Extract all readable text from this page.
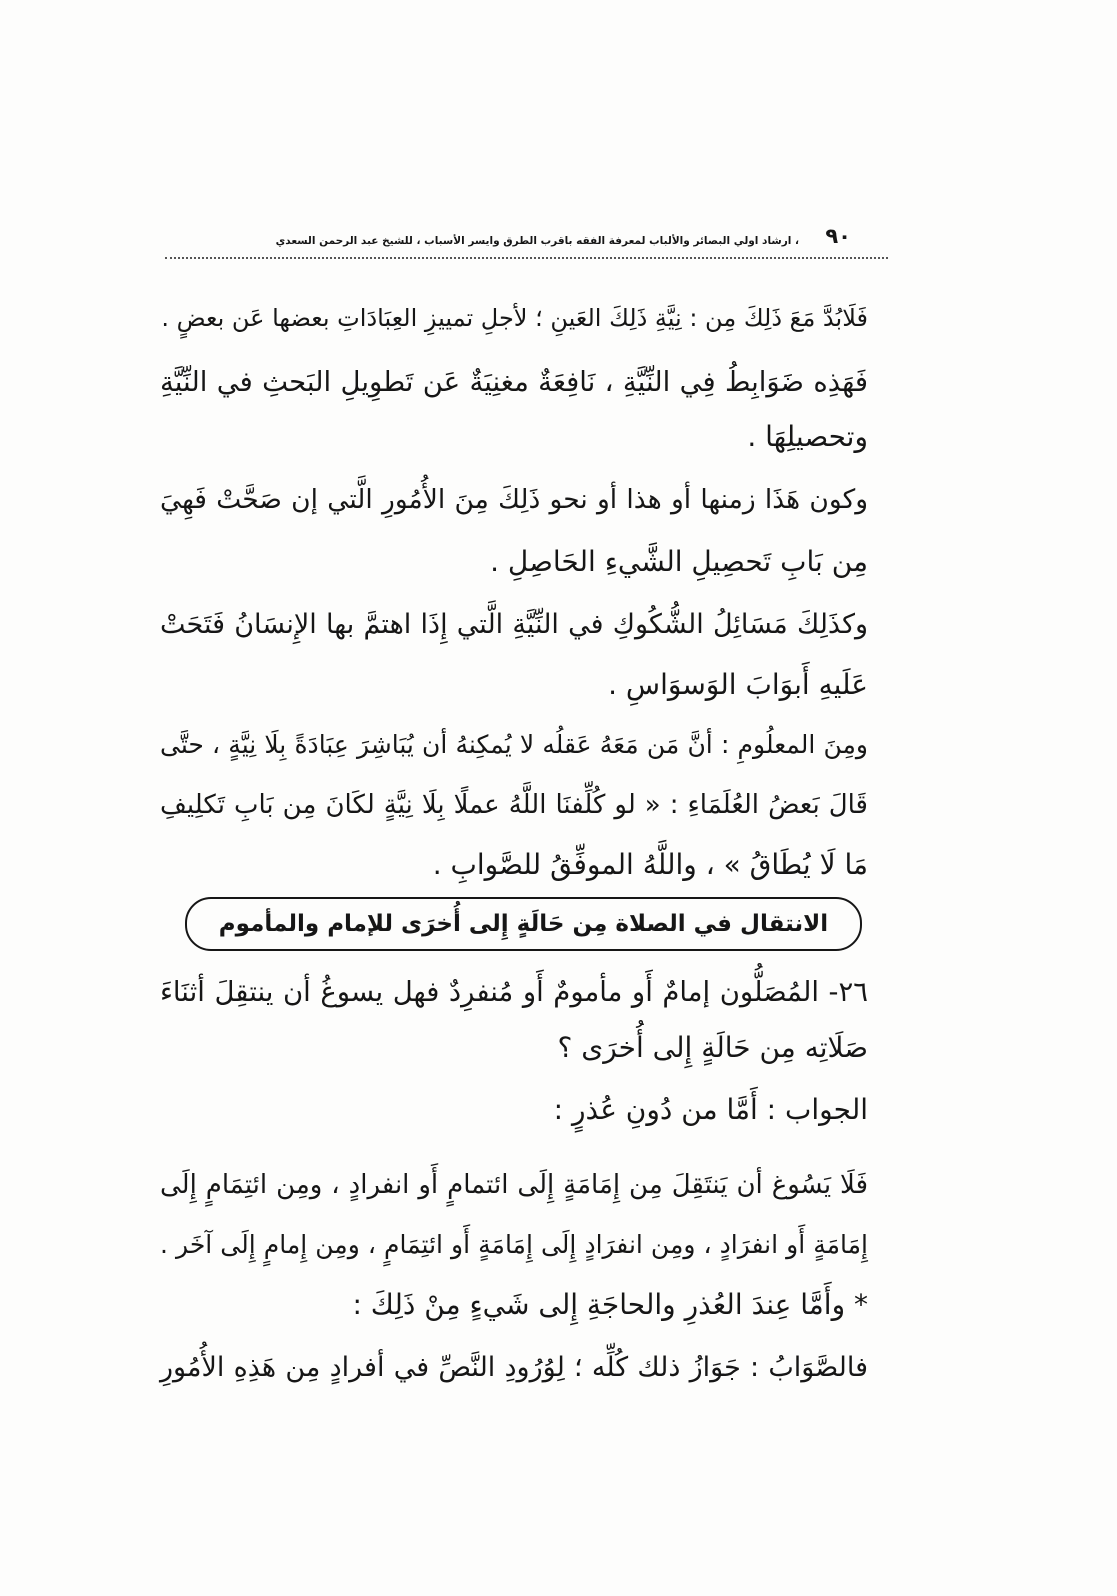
٩٠
، ارشاد اولي البصائر والألباب لمعرفة الفقه باقرب الطرق وايسر الأسباب ، للشيخ عبد الرحمن السعدي
فَلَابُدَّ مَعَ ذَلِكَ مِن : نِيَّةِ ذَلِكَ العَينِ ؛ لأجلِ تمييزِ العِبَادَاتِ بعضها عَن بعضٍ .
فَهَذِه ضَوَابِطُ فِي النِّيَّةِ ، نَافِعَةٌ مغنِيَةٌ عَن تَطوِيلِ البَحثِ في النِّيَّةِ
وتحصيلِهَا .
وكون هَذَا زمنها أو هذا أو نحو ذَلِكَ مِنَ الأُمُورِ الَّتي إن صَحَّتْ فَهِيَ
مِن بَابِ تَحصِيلِ الشَّيءِ الحَاصِلِ .
وكذَلِكَ مَسَائِلُ الشُّكُوكِ في النِّيَّةِ الَّتي إِذَا اهتمَّ بها الإِنسَانُ فَتَحَتْ
عَلَيهِ أَبوَابَ الوَسوَاسِ .
ومِنَ المعلُومِ : أنَّ مَن مَعَهُ عَقلُه لا يُمكِنهُ أن يُبَاشِرَ عِبَادَةً بِلَا نِيَّةٍ ، حتَّى
قَالَ بَعضُ العُلَمَاءِ : « لو كُلِّفنَا اللَّهُ عملًا بِلَا نِيَّةٍ لكَانَ مِن بَابِ تَكلِيفِ
مَا لَا يُطَاقُ » ، واللَّهُ الموفِّقُ للصَّوابِ .
الانتقال في الصلاة مِن حَالَةٍ إِلى أُخرَى للإمام والمأموم
٢٦- المُصَلُّون إمامٌ أَو مأمومٌ أَو مُنفرِدٌ فهل يسوغُ أن ينتقِلَ أثنَاءَ
صَلَاتِه مِن حَالَةٍ إِلى أُخرَى ؟
الجواب : أَمَّا من دُونِ عُذرٍ :
فَلَا يَسُوغ أن يَنتَقِلَ مِن إِمَامَةٍ إِلَى ائتمامٍ أَو انفرادٍ ، ومِن ائتِمَامٍ إِلَى
إِمَامَةٍ أَو انفرَادٍ ، ومِن انفرَادٍ إِلَى إِمَامَةٍ أَو ائتِمَامٍ ، ومِن إِمامٍ إِلَى آخَر .
* وأَمَّا عِندَ العُذرِ والحاجَةِ إِلى شَيءٍ مِنْ ذَلِكَ :
فالصَّوَابُ : جَوَازُ ذلك كُلِّه ؛ لِوُرُودِ النَّصِّ في أفرادٍ مِن هَذِهِ الأُمُورِ
